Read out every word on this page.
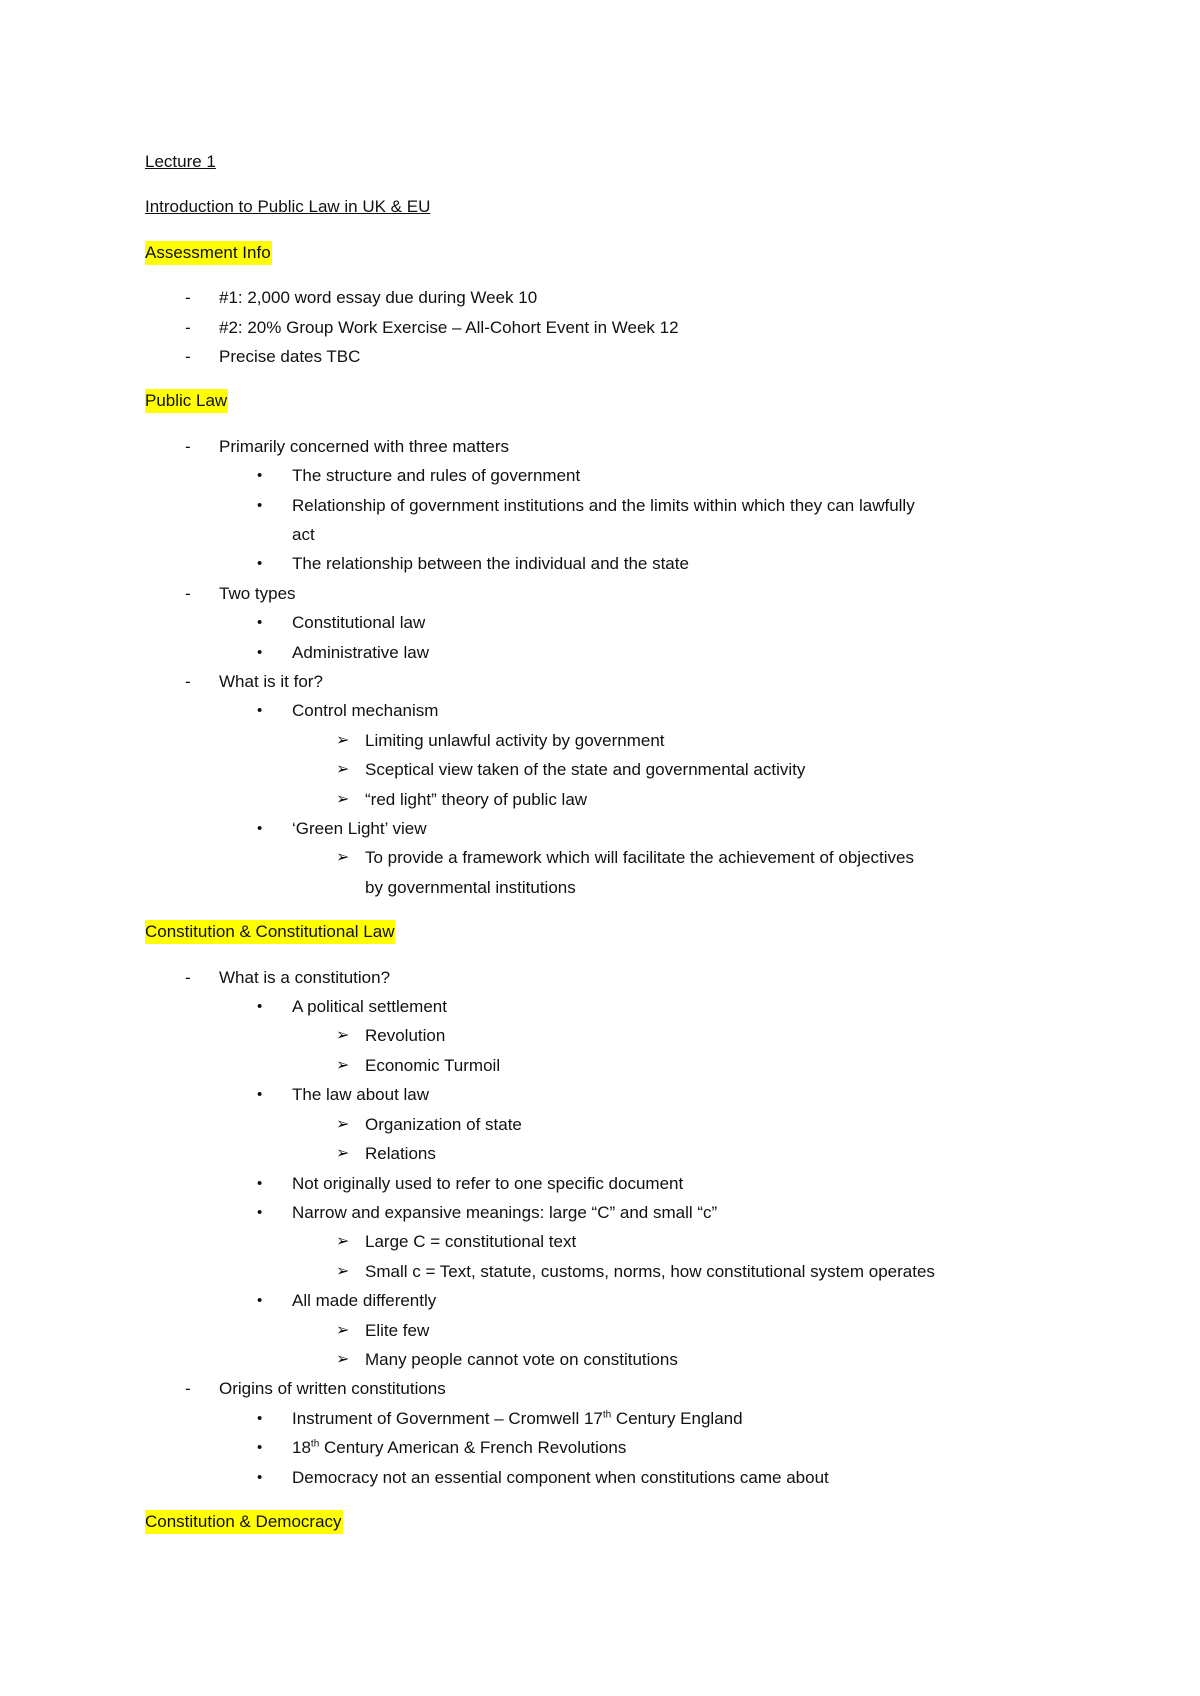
Lecture 1
Introduction to Public Law in UK & EU
Assessment Info
- #1: 2,000 word essay due during Week 10
- #2: 20% Group Work Exercise – All-Cohort Event in Week 12
- Precise dates TBC
Public Law
- Primarily concerned with three matters
• The structure and rules of government
• Relationship of government institutions and the limits within which they can lawfully
act
• The relationship between the individual and the state
- Two types
• Constitutional law
• Administrative law
- What is it for?
• Control mechanism
➢ Limiting unlawful activity by government
➢ Sceptical view taken of the state and governmental activity
➢ “red light” theory of public law
• ‘Green Light’ view
➢ To provide a framework which will facilitate the achievement of objectives
by governmental institutions
Constitution & Constitutional Law
- What is a constitution?
• A political settlement
➢ Revolution
➢ Economic Turmoil
• The law about law
➢ Organization of state
➢ Relations
• Not originally used to refer to one specific document
• Narrow and expansive meanings: large “C” and small “c”
➢ Large C = constitutional text
➢ Small c = Text, statute, customs, norms, how constitutional system operates
• All made differently
➢ Elite few
➢ Many people cannot vote on constitutions
- Origins of written constitutions
• Instrument of Government – Cromwell 17th Century England
• 18th Century American & French Revolutions
• Democracy not an essential component when constitutions came about
Constitution & Democracy
